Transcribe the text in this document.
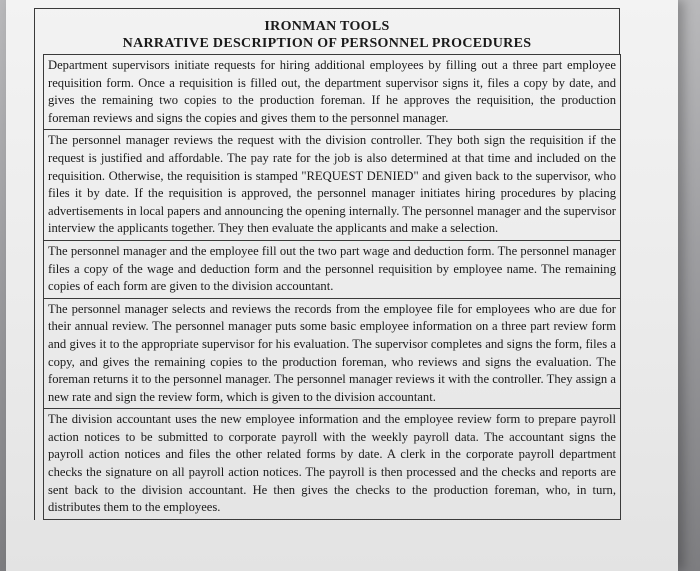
IRONMAN TOOLS
NARRATIVE DESCRIPTION OF PERSONNEL PROCEDURES
Department supervisors initiate requests for hiring additional employees by filling out a three part employee requisition form. Once a requisition is filled out, the department supervisor signs it, files a copy by date, and gives the remaining two copies to the production foreman. If he approves the requisition, the production foreman reviews and signs the copies and gives them to the personnel manager.
The personnel manager reviews the request with the division controller. They both sign the requisition if the request is justified and affordable. The pay rate for the job is also determined at that time and included on the requisition. Otherwise, the requisition is stamped "REQUEST DENIED" and given back to the supervisor, who files it by date. If the requisition is approved, the personnel manager initiates hiring procedures by placing advertisements in local papers and announcing the opening internally. The personnel manager and the supervisor interview the applicants together. They then evaluate the applicants and make a selection.
The personnel manager and the employee fill out the two part wage and deduction form. The personnel manager files a copy of the wage and deduction form and the personnel requisition by employee name. The remaining copies of each form are given to the division accountant.
The personnel manager selects and reviews the records from the employee file for employees who are due for their annual review. The personnel manager puts some basic employee information on a three part review form and gives it to the appropriate supervisor for his evaluation. The supervisor completes and signs the form, files a copy, and gives the remaining copies to the production foreman, who reviews and signs the evaluation. The foreman returns it to the personnel manager. The personnel manager reviews it with the controller. They assign a new rate and sign the review form, which is given to the division accountant.
The division accountant uses the new employee information and the employee review form to prepare payroll action notices to be submitted to corporate payroll with the weekly payroll data. The accountant signs the payroll action notices and files the other related forms by date. A clerk in the corporate payroll department checks the signature on all payroll action notices. The payroll is then processed and the checks and reports are sent back to the division accountant. He then gives the checks to the production foreman, who, in turn, distributes them to the employees.
